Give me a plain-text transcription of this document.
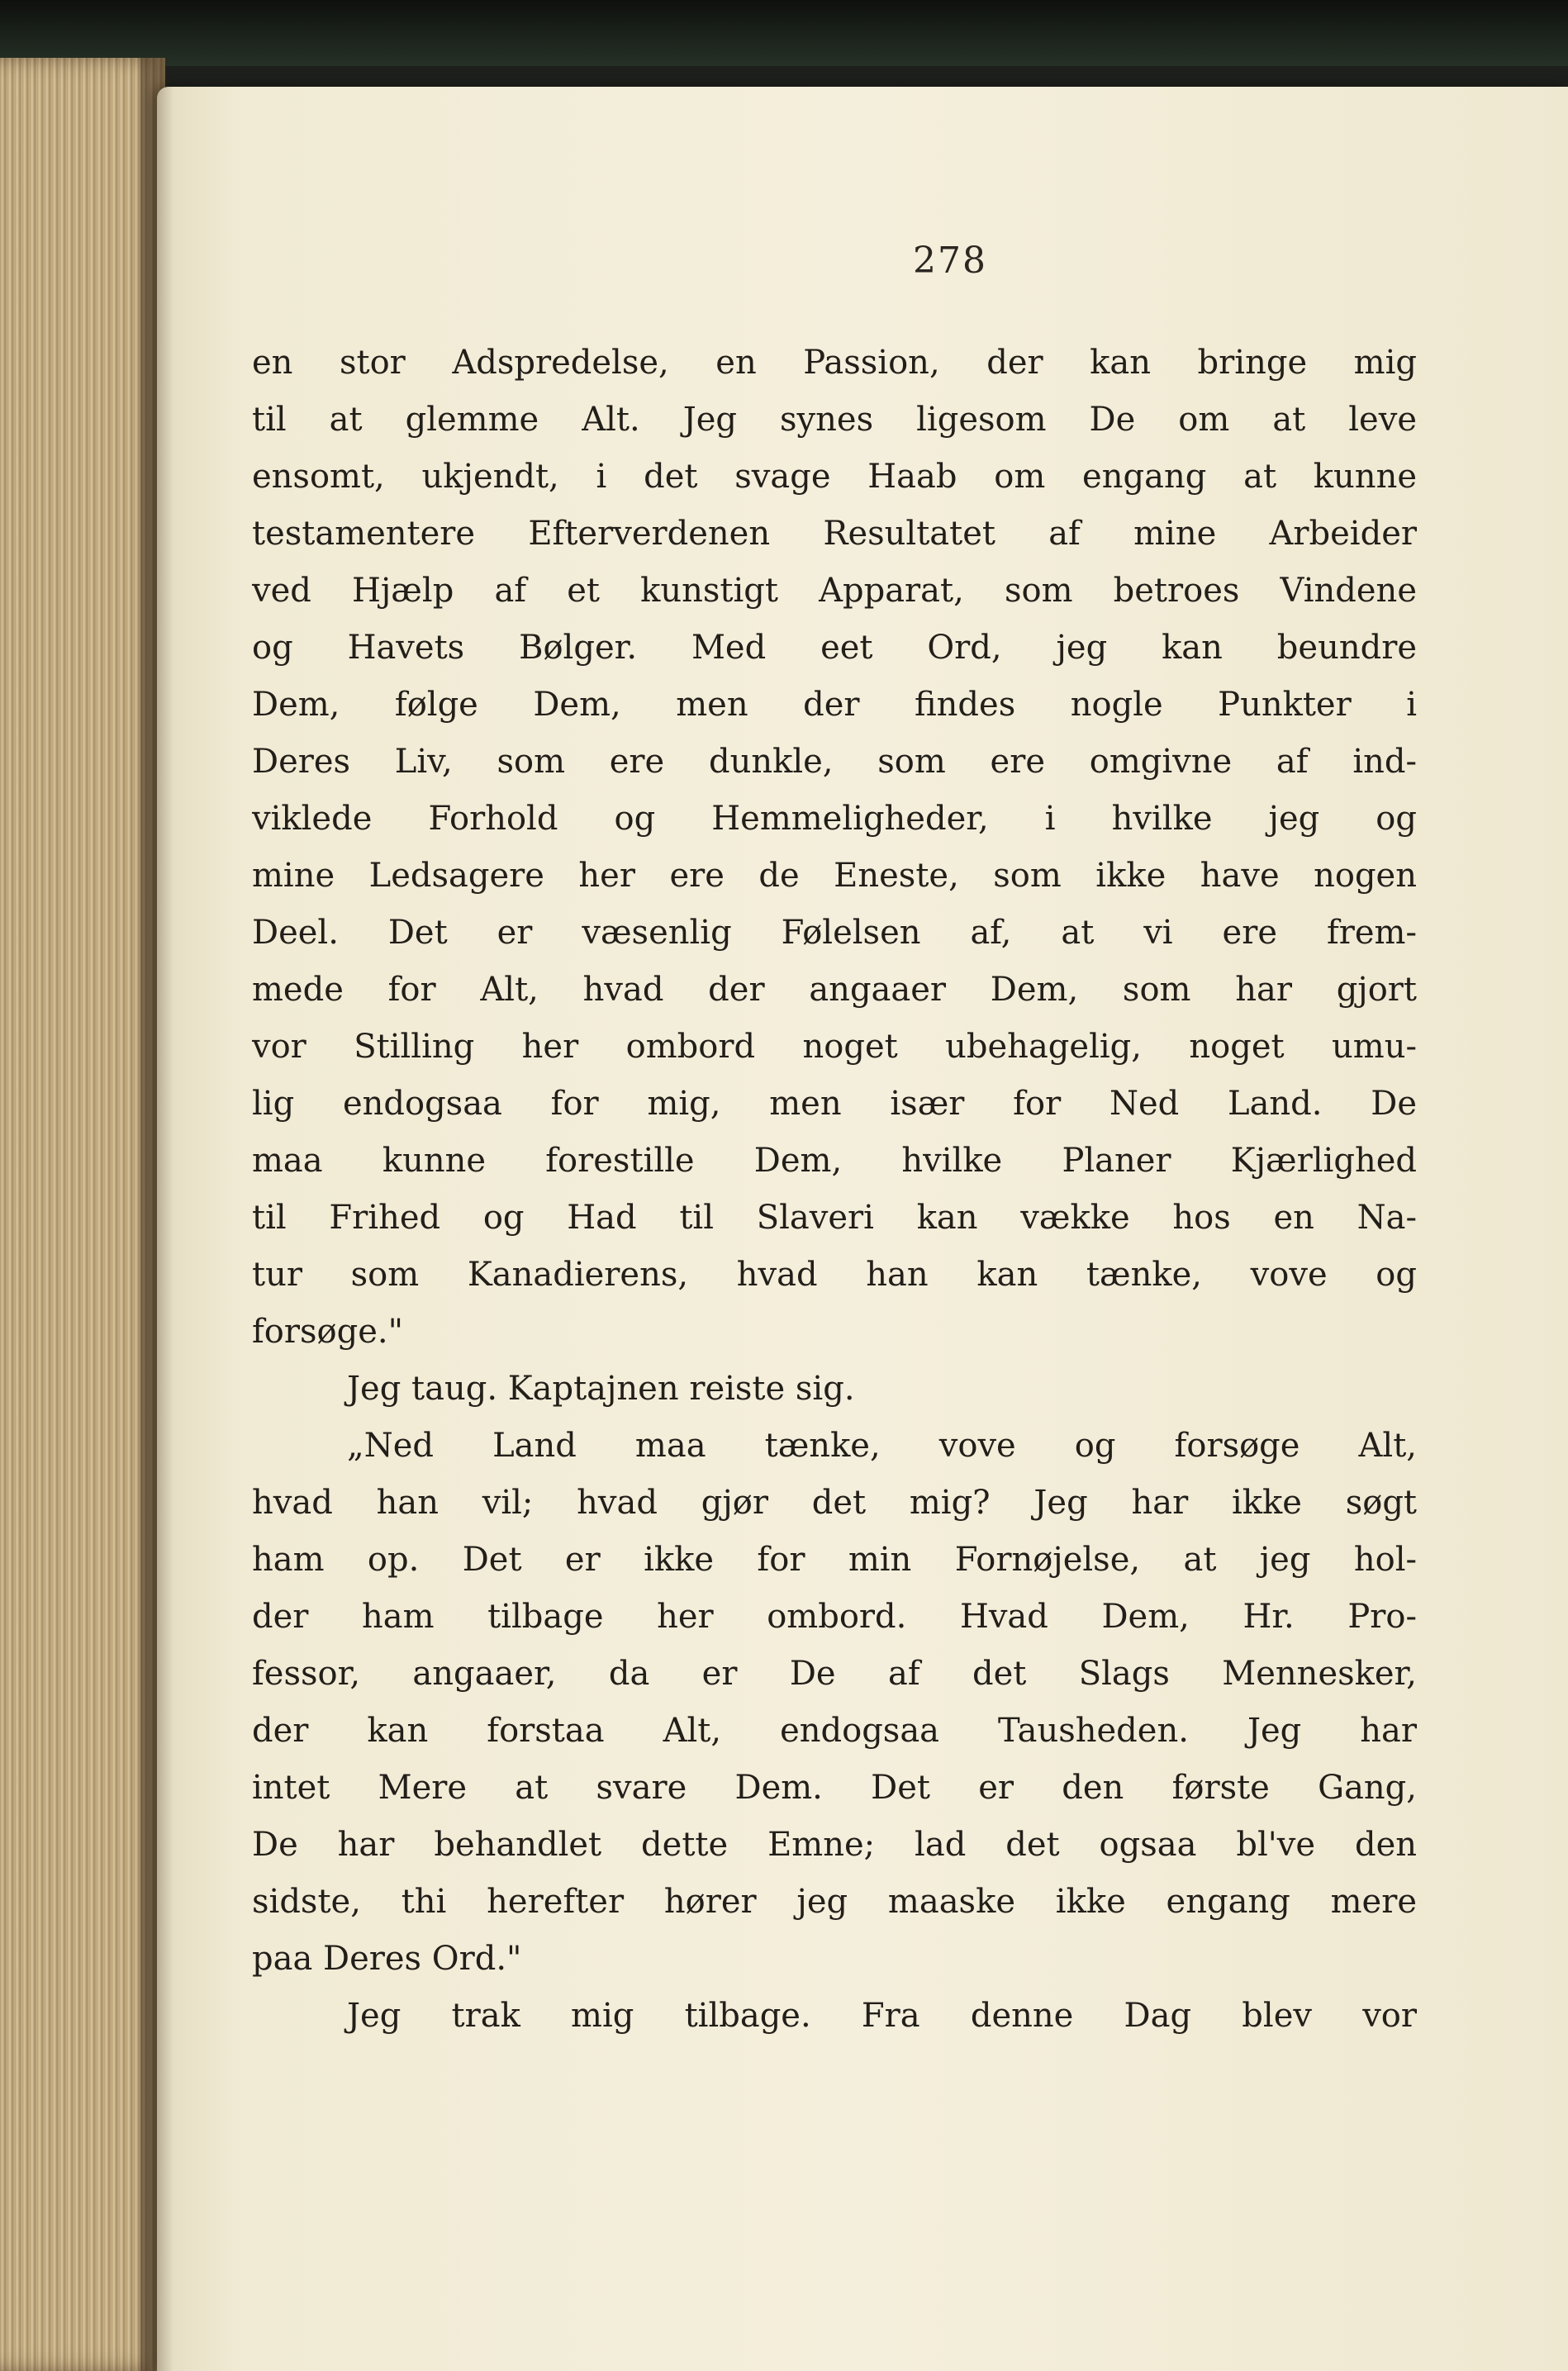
278
en stor Adspredelse, en Passion, der kan bringe mig
til at glemme Alt. Jeg synes ligesom De om at leve
ensomt, ukjendt, i det svage Haab om engang at kunne
testamentere Efterverdenen Resultatet af mine Arbeider
ved Hjælp af et kunstigt Apparat, som betroes Vindene
og Havets Bølger. Med eet Ord, jeg kan beundre
Dem, følge Dem, men der findes nogle Punkter i
Deres Liv, som ere dunkle, som ere omgivne af ind-
viklede Forhold og Hemmeligheder, i hvilke jeg og
mine Ledsagere her ere de Eneste, som ikke have nogen
Deel. Det er væsenlig Følelsen af, at vi ere frem-
mede for Alt, hvad der angaaer Dem, som har gjort
vor Stilling her ombord noget ubehagelig, noget umu-
lig endogsaa for mig, men især for Ned Land. De
maa kunne forestille Dem, hvilke Planer Kjærlighed
til Frihed og Had til Slaveri kan vække hos en Na-
tur som Kanadierens, hvad han kan tænke, vove og
forsøge."
Jeg taug. Kaptajnen reiste sig.
„Ned Land maa tænke, vove og forsøge Alt,
hvad han vil; hvad gjør det mig? Jeg har ikke søgt
ham op. Det er ikke for min Fornøjelse, at jeg hol-
der ham tilbage her ombord. Hvad Dem, Hr. Pro-
fessor, angaaer, da er De af det Slags Mennesker,
der kan forstaa Alt, endogsaa Tausheden. Jeg har
intet Mere at svare Dem. Det er den første Gang,
De har behandlet dette Emne; lad det ogsaa bl've den
sidste, thi herefter hører jeg maaske ikke engang mere
paa Deres Ord."
Jeg trak mig tilbage. Fra denne Dag blev vor
